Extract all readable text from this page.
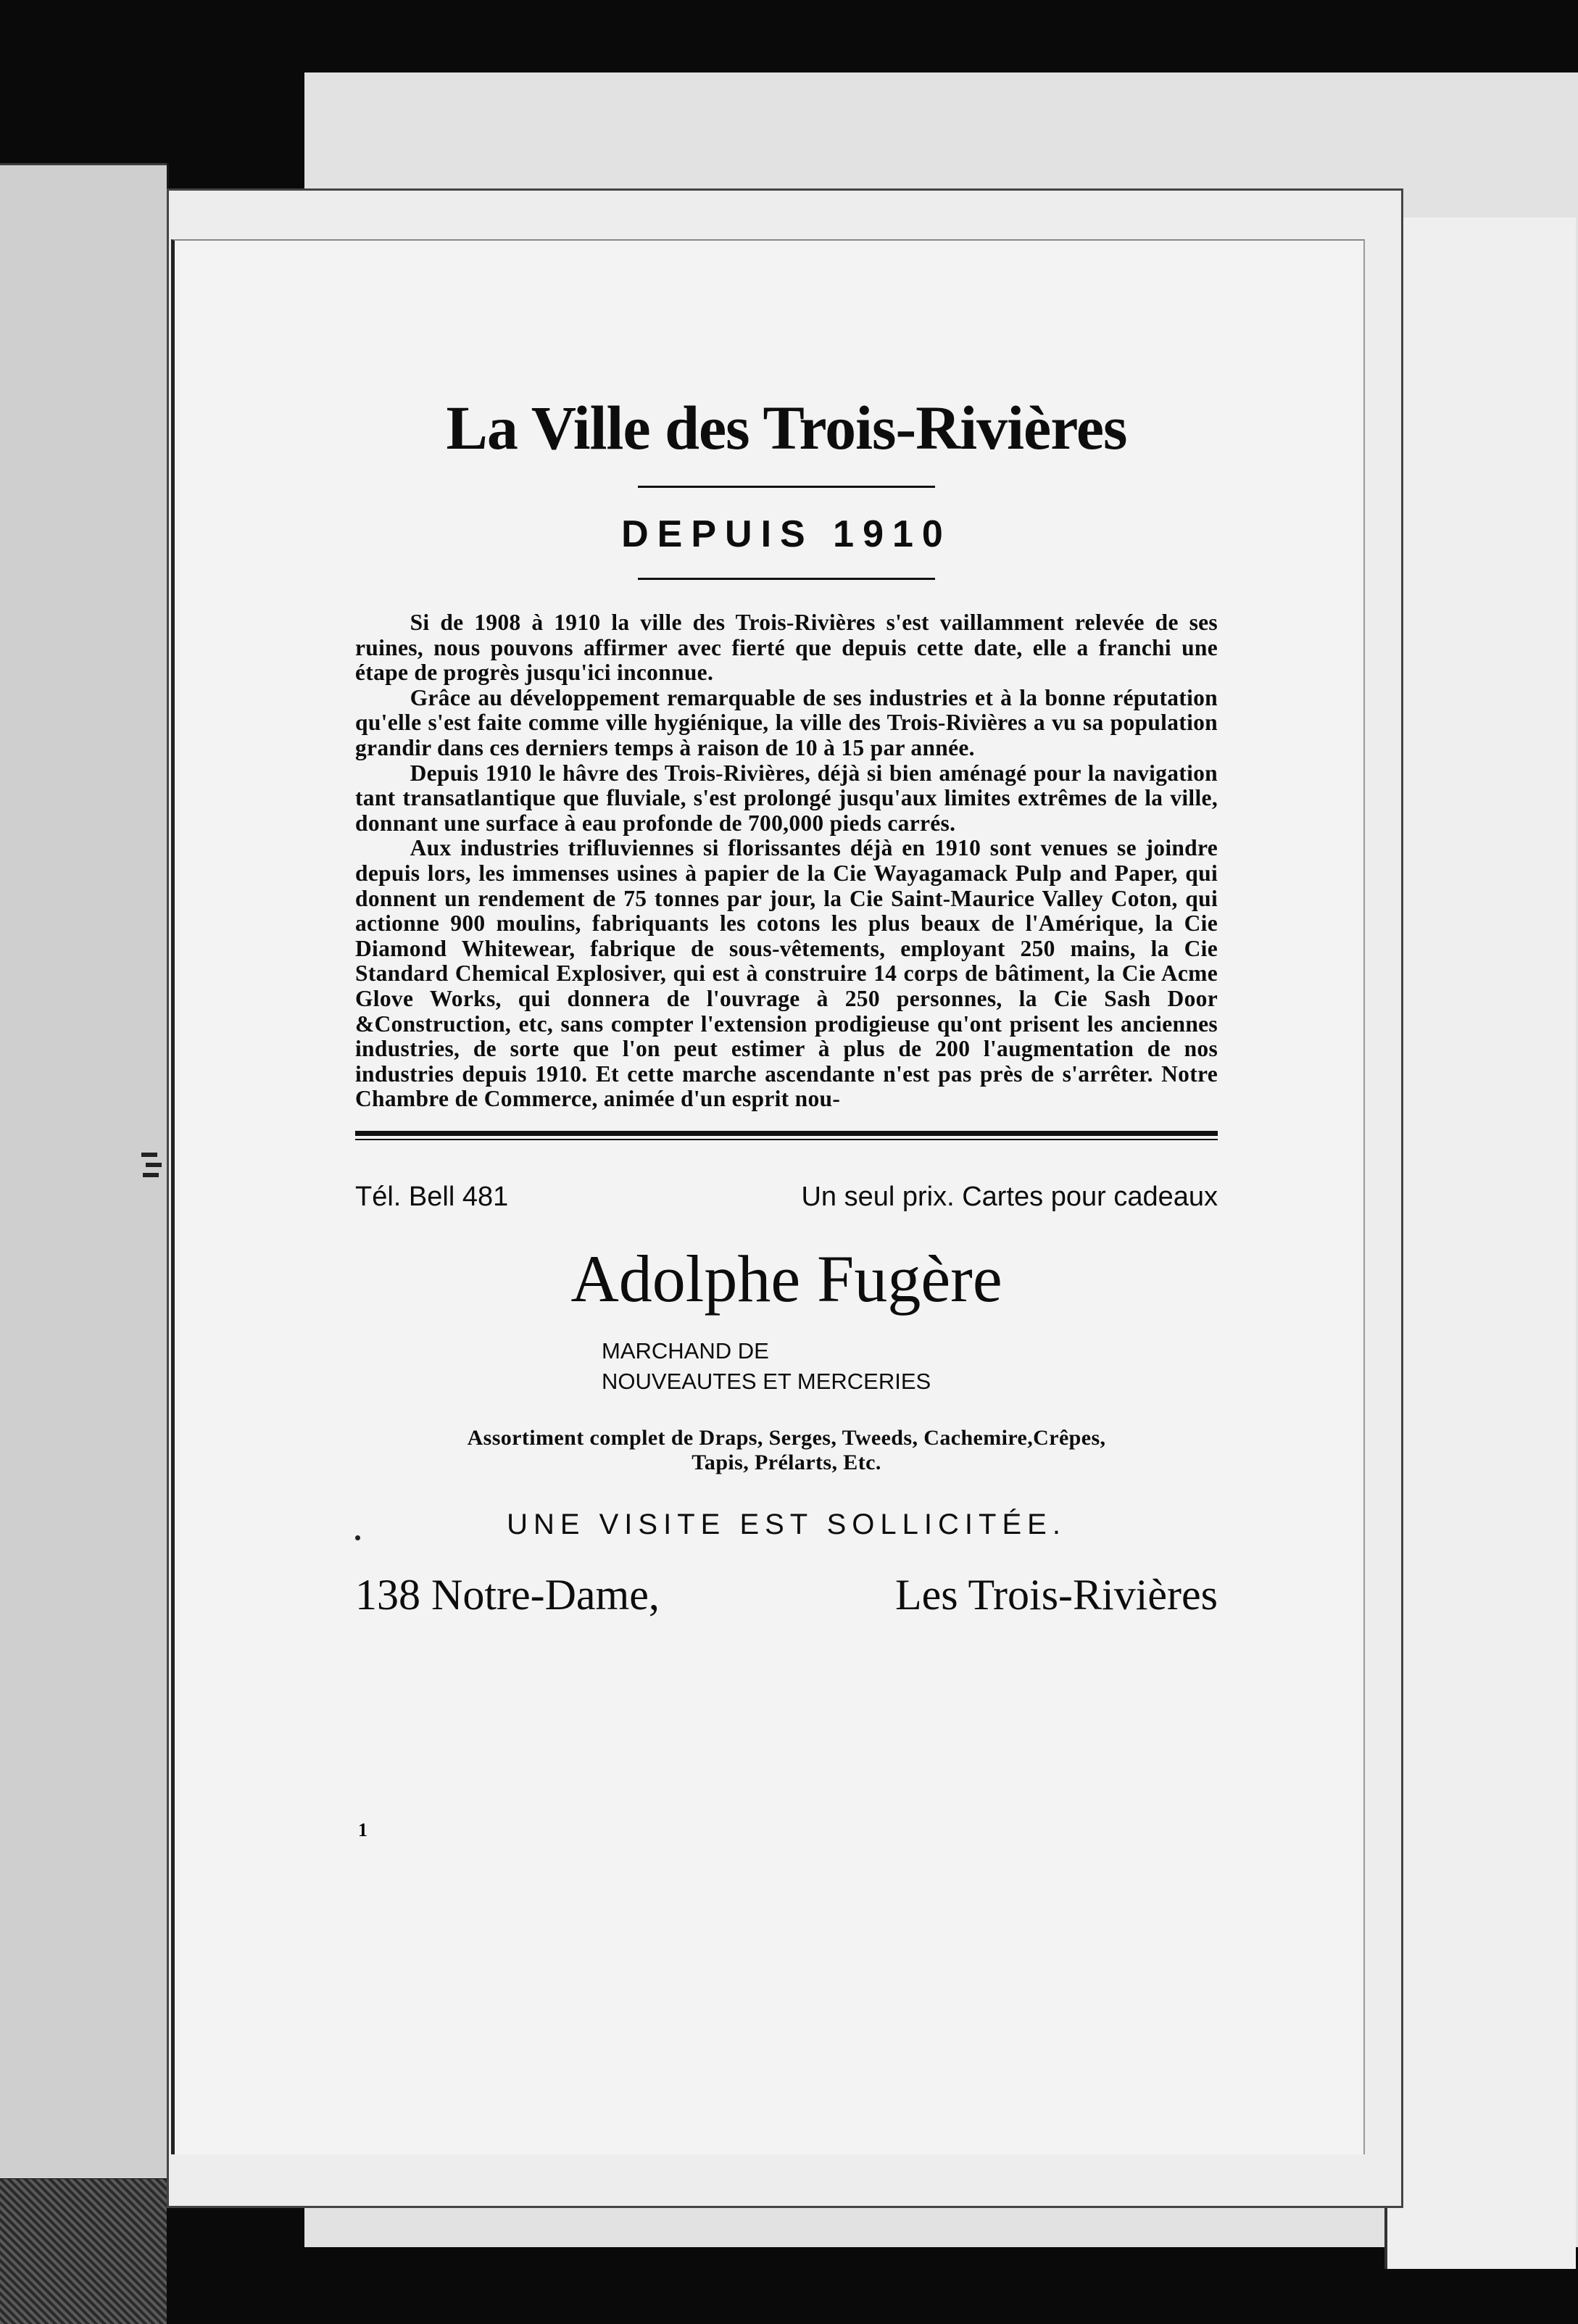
La Ville des Trois-Rivières
DEPUIS 1910

Si de 1908 à 1910 la ville des Trois-Rivières s'est vaillamment relevée de ses ruines, nous pouvons affirmer avec fierté que depuis cette date, elle a franchi une étape de progrès jusqu'ici inconnue.

Grâce au développement remarquable de ses industries et à la bonne réputation qu'elle s'est faite comme ville hygiénique, la ville des Trois-Rivières a vu sa population grandir dans ces derniers temps à raison de 10 à 15 par année.

Depuis 1910 le hâvre des Trois-Rivières, déjà si bien aménagé pour la navigation tant transatlantique que fluviale, s'est prolongé jusqu'aux limites extrêmes de la ville, donnant une surface à eau profonde de 700,000 pieds carrés.

Aux industries trifluviennes si florissantes déjà en 1910 sont venues se joindre depuis lors, les immenses usines à papier de la Cie Wayagamack Pulp and Paper, qui donnent un rendement de 75 tonnes par jour, la Cie Saint-Maurice Valley Coton, qui actionne 900 moulins, fabriquants les cotons les plus beaux de l'Amérique, la Cie Diamond Whitewear, fabrique de sous-vêtements, employant 250 mains, la Cie Standard Chemical Explosiver, qui est à construire 14 corps de bâtiment, la Cie Acme Glove Works, qui donnera de l'ouvrage à 250 personnes, la Cie Sash Door &Construction, etc, sans compter l'extension prodigieuse qu'ont prisent les anciennes industries, de sorte que l'on peut estimer à plus de 200 l'augmentation de nos industries depuis 1910. Et cette marche ascendante n'est pas près de s'arrêter. Notre Chambre de Commerce, animée d'un esprit nou-

Tél. Bell 481	Un seul prix. Cartes pour cadeaux
Adolphe Fugère
MARCHAND DE
NOUVEAUTES ET MERCERIES
Assortiment complet de Draps, Serges, Tweeds, Cachemire,Crêpes,
Tapis, Prélarts, Etc.
UNE VISITE EST SOLLICITÉE.
138 Notre-Dame,	Les Trois-Rivières
1
